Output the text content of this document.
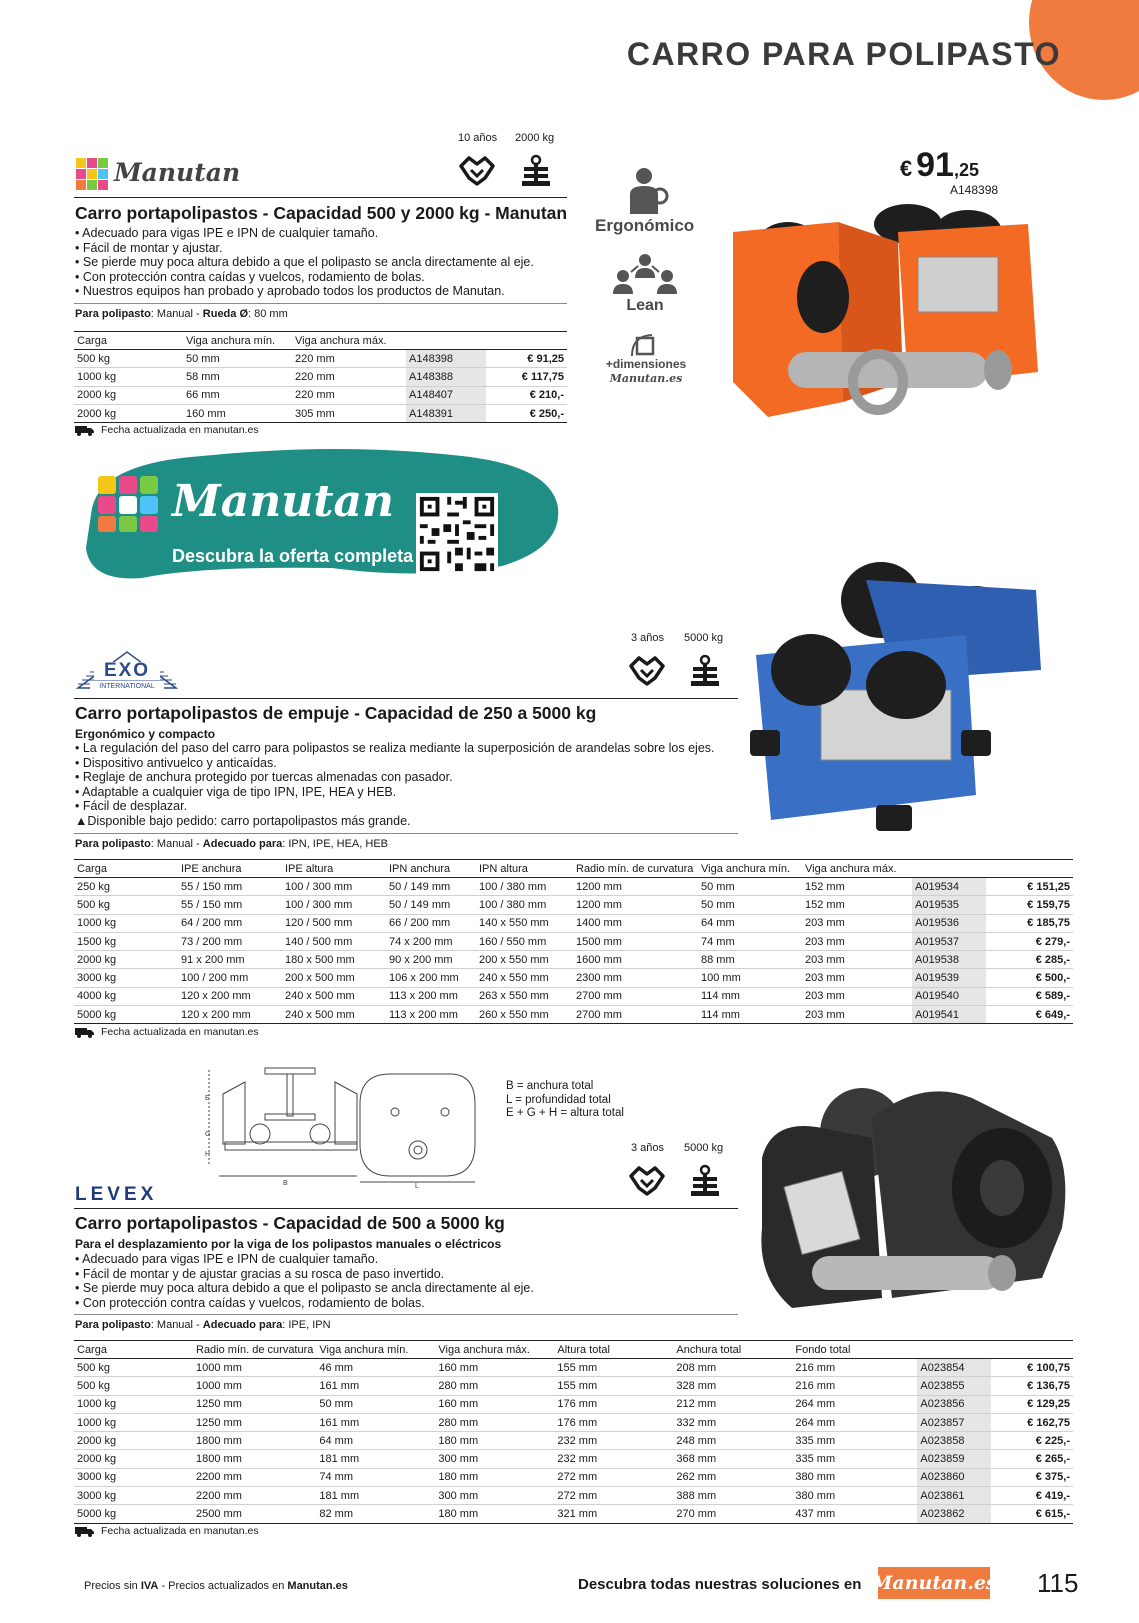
CARRO PARA POLIPASTO
Manutan
10 años 2000 kg
Carro portapolipastos - Capacidad 500 y 2000 kg - Manutan
• Adecuado para vigas IPE e IPN de cualquier tamaño.
• Fácil de montar y ajustar.
• Se pierde muy poca altura debido a que el polipasto se ancla directamente al eje.
• Con protección contra caídas y vuelcos, rodamiento de bolas.
• Nuestros equipos han probado y aprobado todos los productos de Manutan.
Para polipasto: Manual - Rueda Ø: 80 mm
Carga	Viga anchura mín.	Viga anchura máx.		
500 kg	50 mm	220 mm	A148398	€ 91,25
1000 kg	58 mm	220 mm	A148388	€ 117,75
2000 kg	66 mm	220 mm	A148407	€ 210,-
2000 kg	160 mm	305 mm	A148391	€ 250,-
Fecha actualizada en manutan.es
Ergonómico
Lean
+dimensiones
Manutan.es
€ 91,25
A148398
Manutan
Descubra la oferta completa
EXO
INTERNATIONAL
3 años 5000 kg
Carro portapolipastos de empuje - Capacidad de 250 a 5000 kg
Ergonómico y compacto
• La regulación del paso del carro para polipastos se realiza mediante la superposición de arandelas sobre los ejes.
• Dispositivo antivuelco y anticaídas.
• Reglaje de anchura protegido por tuercas almenadas con pasador.
• Adaptable a cualquier viga de tipo IPN, IPE, HEA y HEB.
• Fácil de desplazar.
▲ Disponible bajo pedido: carro portapolipastos más grande.
Para polipasto: Manual - Adecuado para: IPN, IPE, HEA, HEB
Carga	IPE anchura	IPE altura	IPN anchura	IPN altura	Radio mín. de curvatura	Viga anchura mín.	Viga anchura máx.		
250 kg	55 / 150 mm	100 / 300 mm	50 / 149 mm	100 / 380 mm	1200 mm	50 mm	152 mm	A019534	€ 151,25
500 kg	55 / 150 mm	100 / 300 mm	50 / 149 mm	100 / 380 mm	1200 mm	50 mm	152 mm	A019535	€ 159,75
1000 kg	64 / 200 mm	120 / 500 mm	66 / 200 mm	140 x 550 mm	1400 mm	64 mm	203 mm	A019536	€ 185,75
1500 kg	73 / 200 mm	140 / 500 mm	74 x 200 mm	160 / 550 mm	1500 mm	74 mm	203 mm	A019537	€ 279,-
2000 kg	91 x 200 mm	180 x 500 mm	90 x 200 mm	200 x 550 mm	1600 mm	88 mm	203 mm	A019538	€ 285,-
3000 kg	100 / 200 mm	200 x 500 mm	106 x 200 mm	240 x 550 mm	2300 mm	100 mm	203 mm	A019539	€ 500,-
4000 kg	120 x 200 mm	240 x 500 mm	113 x 200 mm	263 x 550 mm	2700 mm	114 mm	203 mm	A019540	€ 589,-
5000 kg	120 x 200 mm	240 x 500 mm	113 x 200 mm	260 x 550 mm	2700 mm	114 mm	203 mm	A019541	€ 649,-
Fecha actualizada en manutan.es
E
G
H
B	L
B = anchura total
L = profundidad total
E + G + H = altura total
LEVEX
3 años 5000 kg
Carro portapolipastos - Capacidad de 500 a 5000 kg
Para el desplazamiento por la viga de los polipastos manuales o eléctricos
• Adecuado para vigas IPE e IPN de cualquier tamaño.
• Fácil de montar y de ajustar gracias a su rosca de paso invertido.
• Se pierde muy poca altura debido a que el polipasto se ancla directamente al eje.
• Con protección contra caídas y vuelcos, rodamiento de bolas.
Para polipasto: Manual - Adecuado para: IPE, IPN
Carga	Radio mín. de curvatura	Viga anchura mín.	Viga anchura máx.	Altura total	Anchura total	Fondo total		
500 kg	1000 mm	46 mm	160 mm	155 mm	208 mm	216 mm	A023854	€ 100,75
500 kg	1000 mm	161 mm	280 mm	155 mm	328 mm	216 mm	A023855	€ 136,75
1000 kg	1250 mm	50 mm	160 mm	176 mm	212 mm	264 mm	A023856	€ 129,25
1000 kg	1250 mm	161 mm	280 mm	176 mm	332 mm	264 mm	A023857	€ 162,75
2000 kg	1800 mm	64 mm	180 mm	232 mm	248 mm	335 mm	A023858	€ 225,-
2000 kg	1800 mm	181 mm	300 mm	232 mm	368 mm	335 mm	A023859	€ 265,-
3000 kg	2200 mm	74 mm	180 mm	272 mm	262 mm	380 mm	A023860	€ 375,-
3000 kg	2200 mm	181 mm	300 mm	272 mm	388 mm	380 mm	A023861	€ 419,-
5000 kg	2500 mm	82 mm	180 mm	321 mm	270 mm	437 mm	A023862	€ 615,-
Fecha actualizada en manutan.es
Precios sin IVA - Precios actualizados en Manutan.es	Descubra todas nuestras soluciones en Manutan.es 115
